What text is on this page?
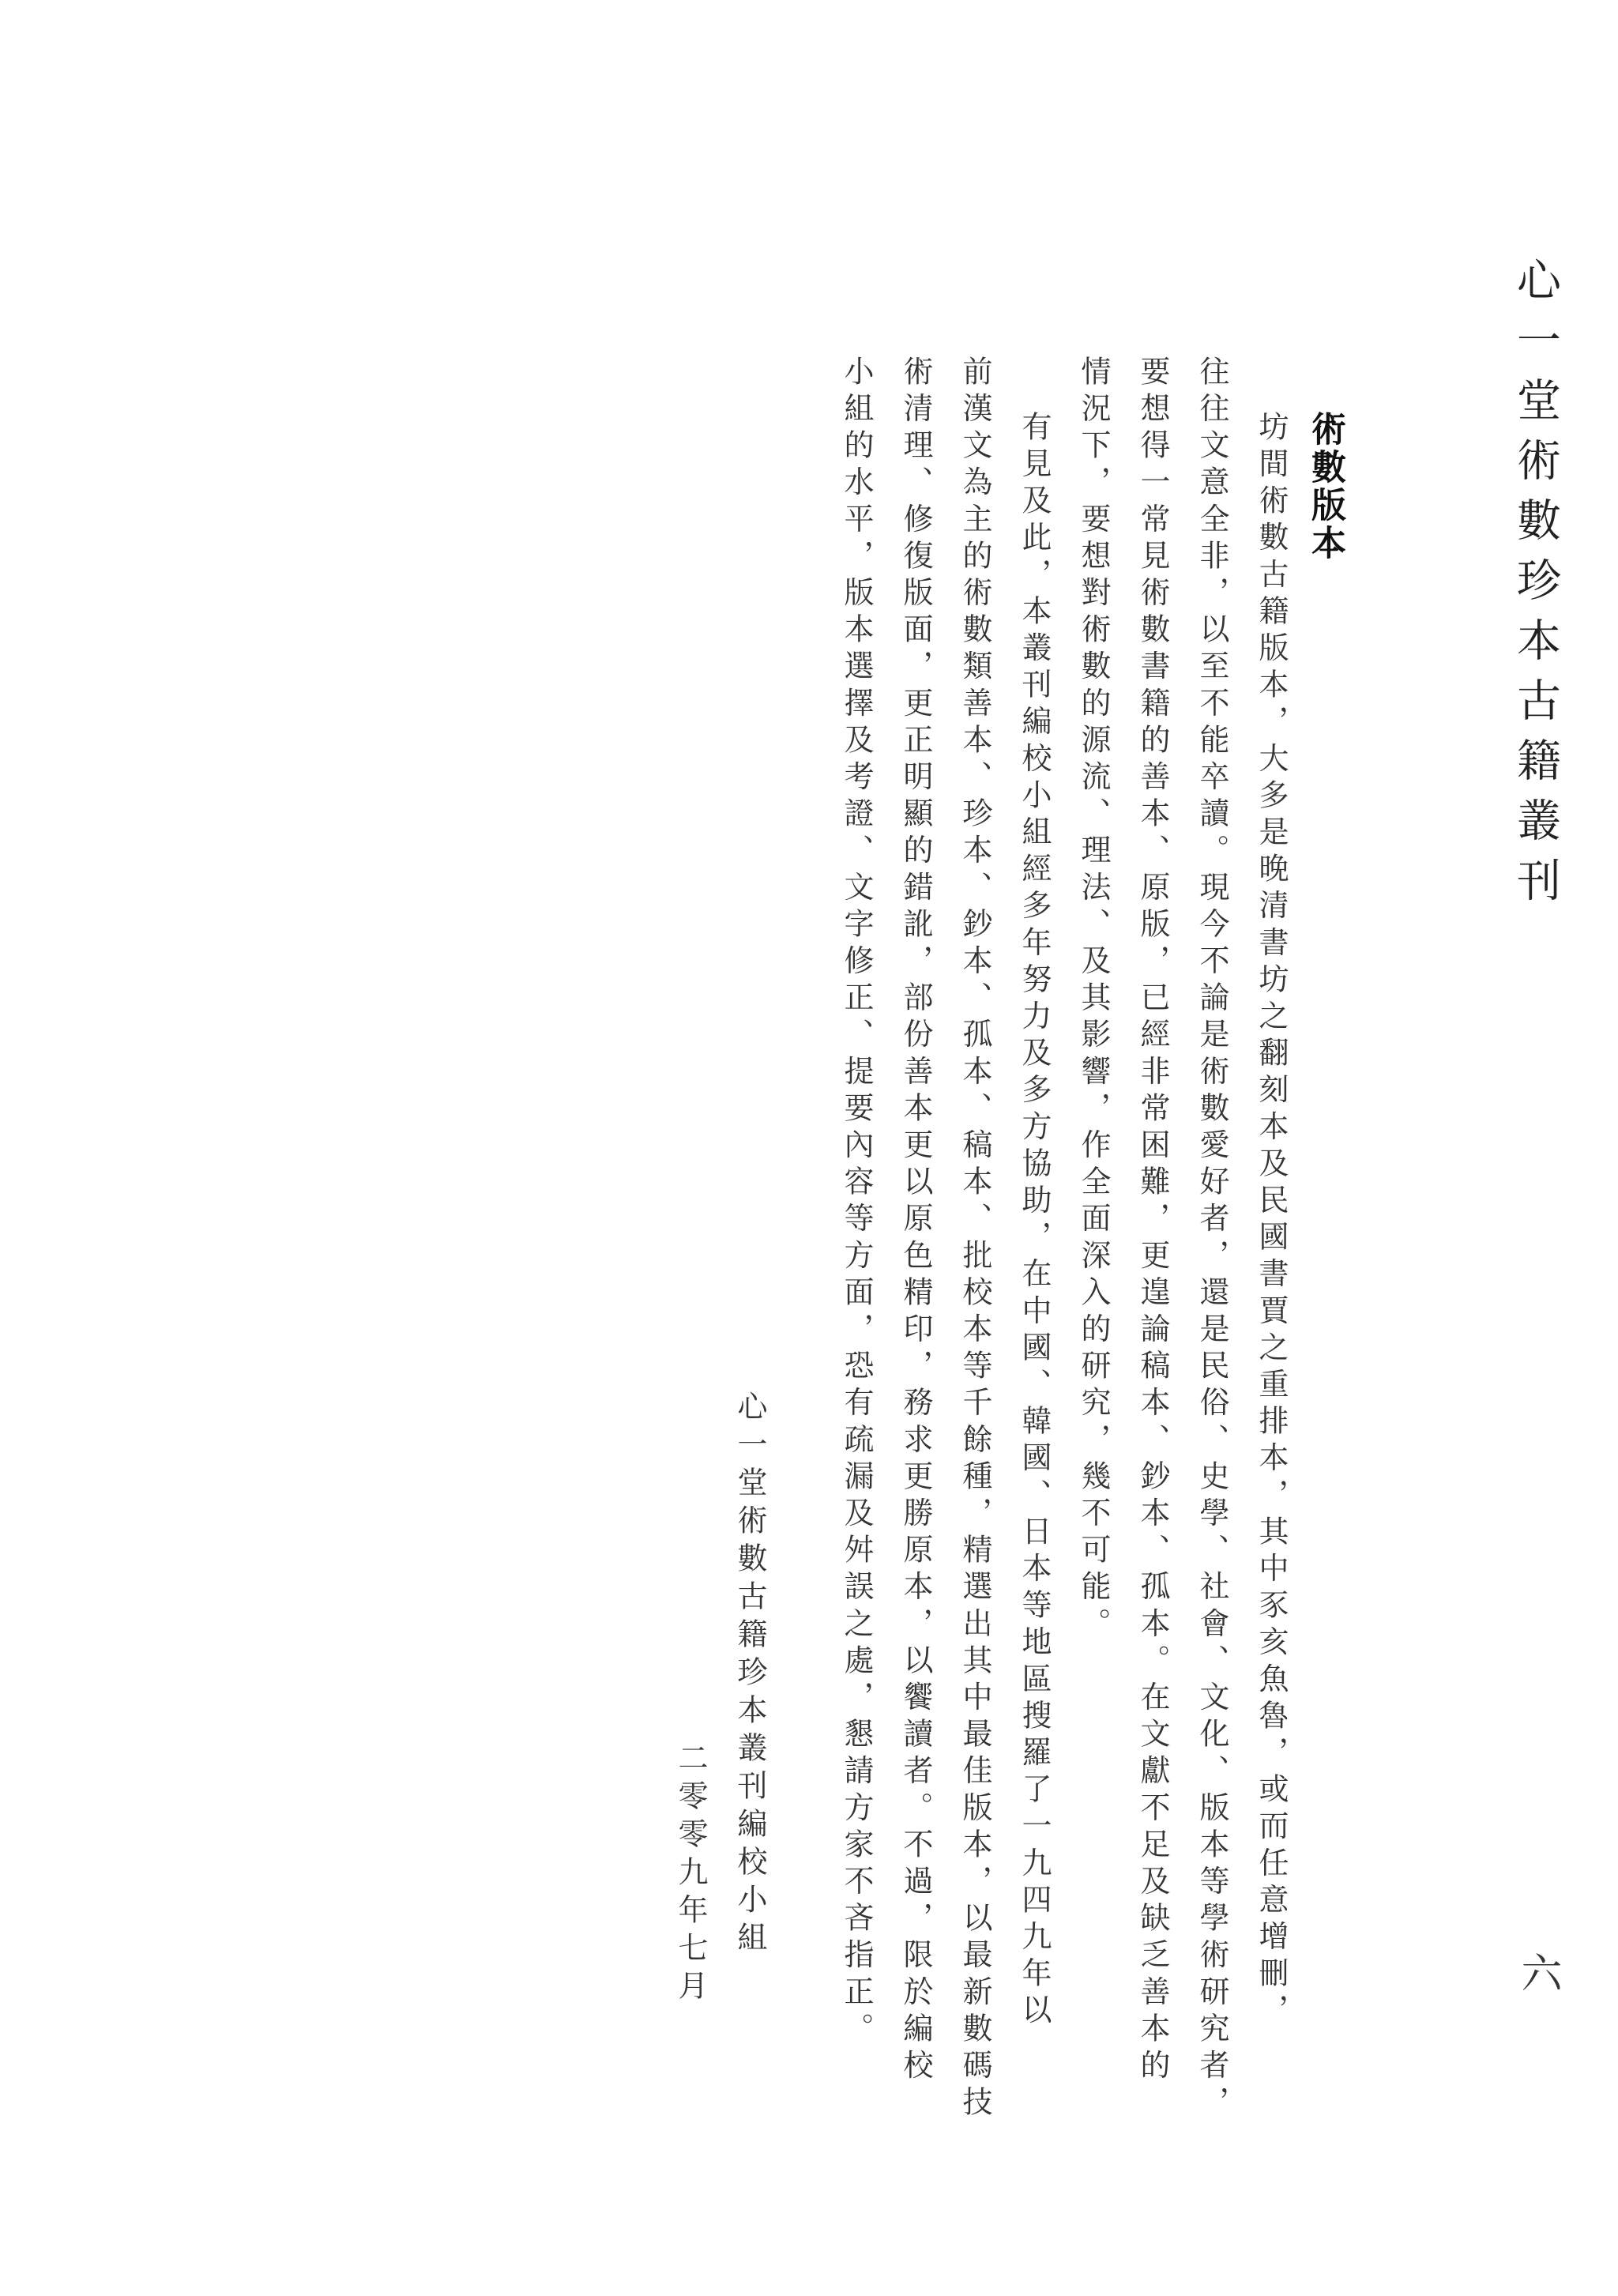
心一堂術數珍本古籍叢刊
六
術數版本
坊間術數古籍版本，大多是晚清書坊之翻刻本及民國書賈之重排本，其中豕亥魚魯，或而任意增刪，
往往文意全非，以至不能卒讀。現今不論是術數愛好者，還是民俗、史學、社會、文化、版本等學術研究者，
要想得一常見術數書籍的善本、原版，已經非常困難，更遑論稿本、鈔本、孤本。在文獻不足及缺乏善本的
情況下，要想對術數的源流、理法、及其影響，作全面深入的研究，幾不可能。
有見及此，本叢刊編校小組經多年努力及多方協助，在中國、韓國、日本等地區搜羅了一九四九年以
前漢文為主的術數類善本、珍本、鈔本、孤本、稿本、批校本等千餘種，精選出其中最佳版本，以最新數碼技
術清理、修復版面，更正明顯的錯訛，部份善本更以原色精印，務求更勝原本，以饗讀者。不過，限於編校
小組的水平，版本選擇及考證、文字修正、提要內容等方面，恐有疏漏及舛誤之處，懇請方家不吝指正。
心一堂術數古籍珍本叢刊編校小組
二零零九年七月
